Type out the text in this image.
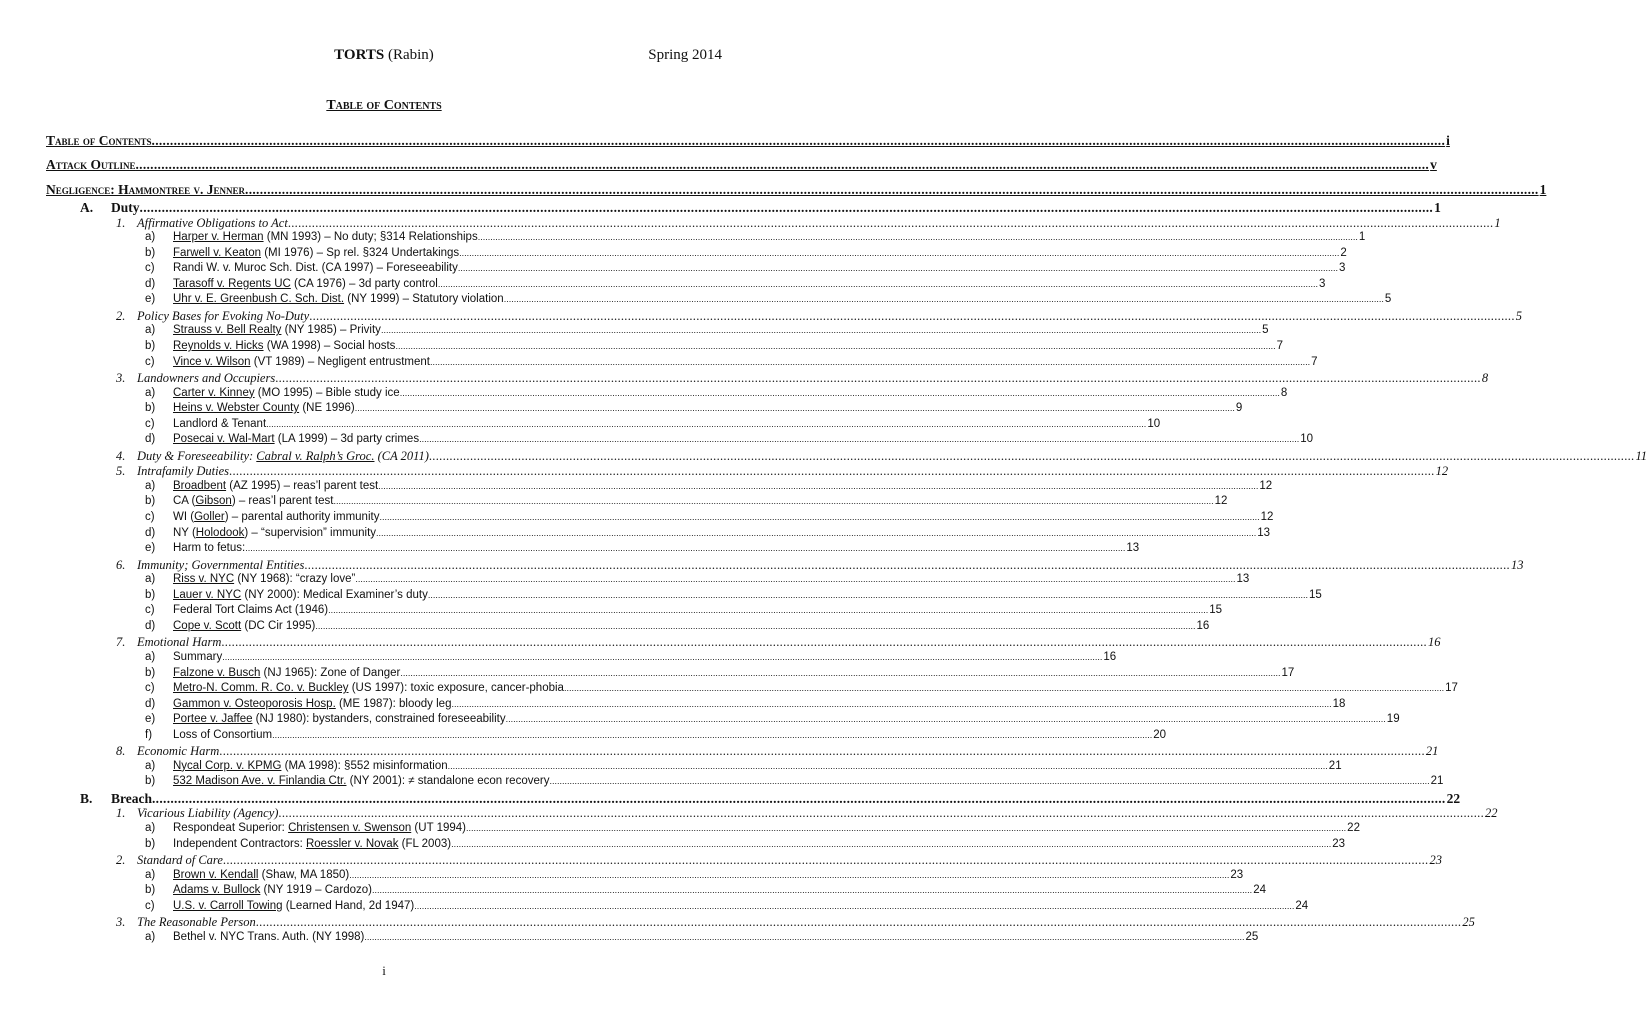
TORTS (Rabin)	Spring 2014
Table of Contents
Table of Contents .....	i
Attack Outline .....	v
Negligence: Hammontree v. Jenner .....	1
A.	Duty .....	1
1. Affirmative Obligations to Act .....	1
a)	Harper v. Herman (MN 1993) – No duty; §314 Relationships .....	1
b)	Farwell v. Keaton (MI 1976) – Sp rel. §324 Undertakings .....	2
c)	Randi W. v. Muroc Sch. Dist. (CA 1997) – Foreseeability .....	3
d)	Tarasoff v. Regents UC (CA 1976) – 3d party control .....	3
e)	Uhr v. E. Greenbush C. Sch. Dist. (NY 1999) – Statutory violation .....	5
2. Policy Bases for Evoking No-Duty .....	5
a)	Strauss v. Bell Realty (NY 1985) – Privity .....	5
b)	Reynolds v. Hicks (WA 1998) – Social hosts .....	7
c)	Vince v. Wilson (VT 1989) – Negligent entrustment .....	7
3. Landowners and Occupiers .....	8
a)	Carter v. Kinney (MO 1995) – Bible study ice .....	8
b)	Heins v. Webster County (NE 1996) .....	9
c)	Landlord & Tenant .....	10
d)	Posecai v. Wal-Mart (LA 1999) – 3d party crimes .....	10
4. Duty & Foreseeability: Cabral v. Ralph’s Groc. (CA 2011) .....	11
5. Intrafamily Duties .....	12
a)	Broadbent (AZ 1995) – reas’l parent test .....	12
b)	CA (Gibson) – reas’l parent test .....	12
c)	WI (Goller) – parental authority immunity .....	12
d)	NY (Holodook) – “supervision” immunity .....	13
e)	Harm to fetus: .....	13
6. Immunity; Governmental Entities .....	13
a)	Riss v. NYC (NY 1968): “crazy love” .....	13
b)	Lauer v. NYC (NY 2000): Medical Examiner’s duty .....	15
c)	Federal Tort Claims Act (1946) .....	15
d)	Cope v. Scott (DC Cir 1995) .....	16
7. Emotional Harm .....	16
a)	Summary .....	16
b)	Falzone v. Busch (NJ 1965): Zone of Danger .....	17
c)	Metro-N. Comm. R. Co. v. Buckley (US 1997): toxic exposure, cancer-phobia .....	17
d)	Gammon v. Osteoporosis Hosp. (ME 1987): bloody leg .....	18
e)	Portee v. Jaffee (NJ 1980): bystanders, constrained foreseeability .....	19
f)	Loss of Consortium .....	20
8. Economic Harm .....	21
a)	Nycal Corp. v. KPMG (MA 1998): §552 misinformation .....	21
b)	532 Madison Ave. v. Finlandia Ctr. (NY 2001): ≠ standalone econ recovery .....	21
B.	Breach .....	22
1. Vicarious Liability (Agency) .....	22
a)	Respondeat Superior: Christensen v. Swenson (UT 1994) .....	22
b)	Independent Contractors: Roessler v. Novak (FL 2003) .....	23
2. Standard of Care .....	23
a)	Brown v. Kendall (Shaw, MA 1850) .....	23
b)	Adams v. Bullock (NY 1919 – Cardozo) .....	24
c)	U.S. v. Carroll Towing (Learned Hand, 2d 1947) .....	24
3. The Reasonable Person .....	25
a)	Bethel v. NYC Trans. Auth. (NY 1998) .....	25
i
